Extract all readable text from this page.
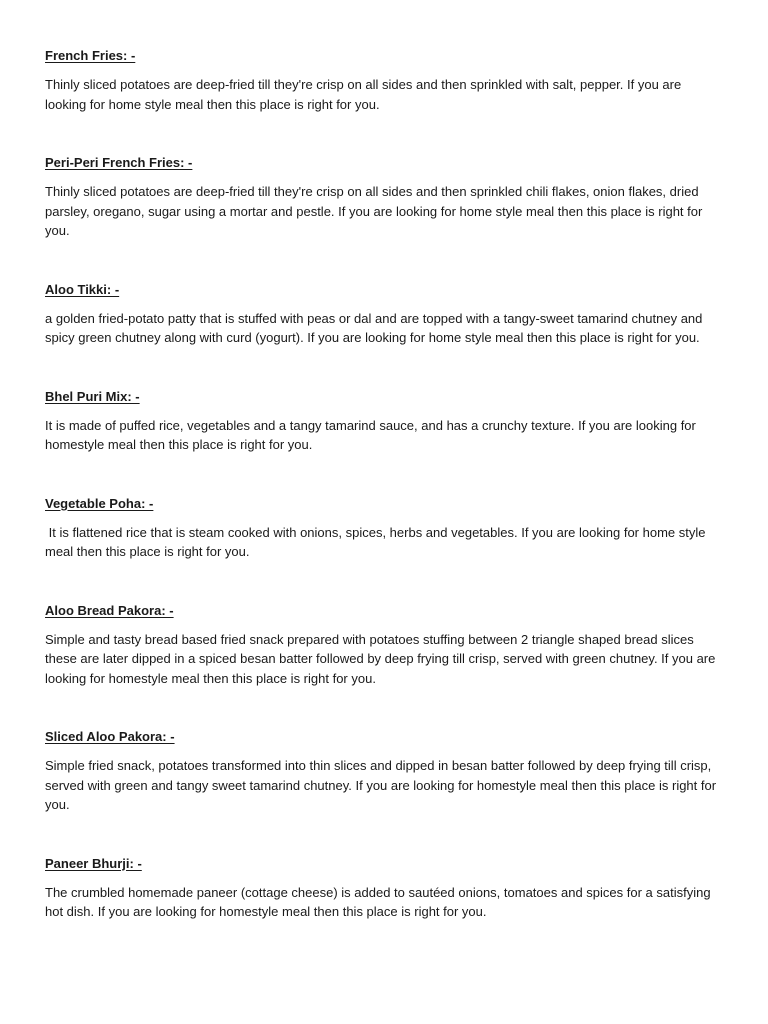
French Fries: -

Thinly sliced potatoes are deep-fried till they're crisp on all sides and then sprinkled with salt, pepper. If you are looking for home style meal then this place is right for you.

Peri-Peri French Fries: -

Thinly sliced potatoes are deep-fried till they're crisp on all sides and then sprinkled chili flakes, onion flakes, dried parsley, oregano, sugar using a mortar and pestle. If you are looking for home style meal then this place is right for you.

Aloo Tikki: -

a golden fried-potato patty that is stuffed with peas or dal and are topped with a tangy-sweet tamarind chutney and spicy green chutney along with curd (yogurt). If you are looking for home style meal then this place is right for you.

Bhel Puri Mix: -

It is made of puffed rice, vegetables and a tangy tamarind sauce, and has a crunchy texture. If you are looking for homestyle meal then this place is right for you.

Vegetable Poha: -

It is flattened rice that is steam cooked with onions, spices, herbs and vegetables. If you are looking for home style meal then this place is right for you.

Aloo Bread Pakora: -

Simple and tasty bread based fried snack prepared with potatoes stuffing between 2 triangle shaped bread slices these are later dipped in a spiced besan batter followed by deep frying till crisp, served with green chutney. If you are looking for homestyle meal then this place is right for you.

Sliced Aloo Pakora: -

Simple fried snack, potatoes transformed into thin slices and dipped in besan batter followed by deep frying till crisp, served with green and tangy sweet tamarind chutney. If you are looking for homestyle meal then this place is right for you.

Paneer Bhurji: -

The crumbled homemade paneer (cottage cheese) is added to sautéed onions, tomatoes and spices for a satisfying hot dish. If you are looking for homestyle meal then this place is right for you.
